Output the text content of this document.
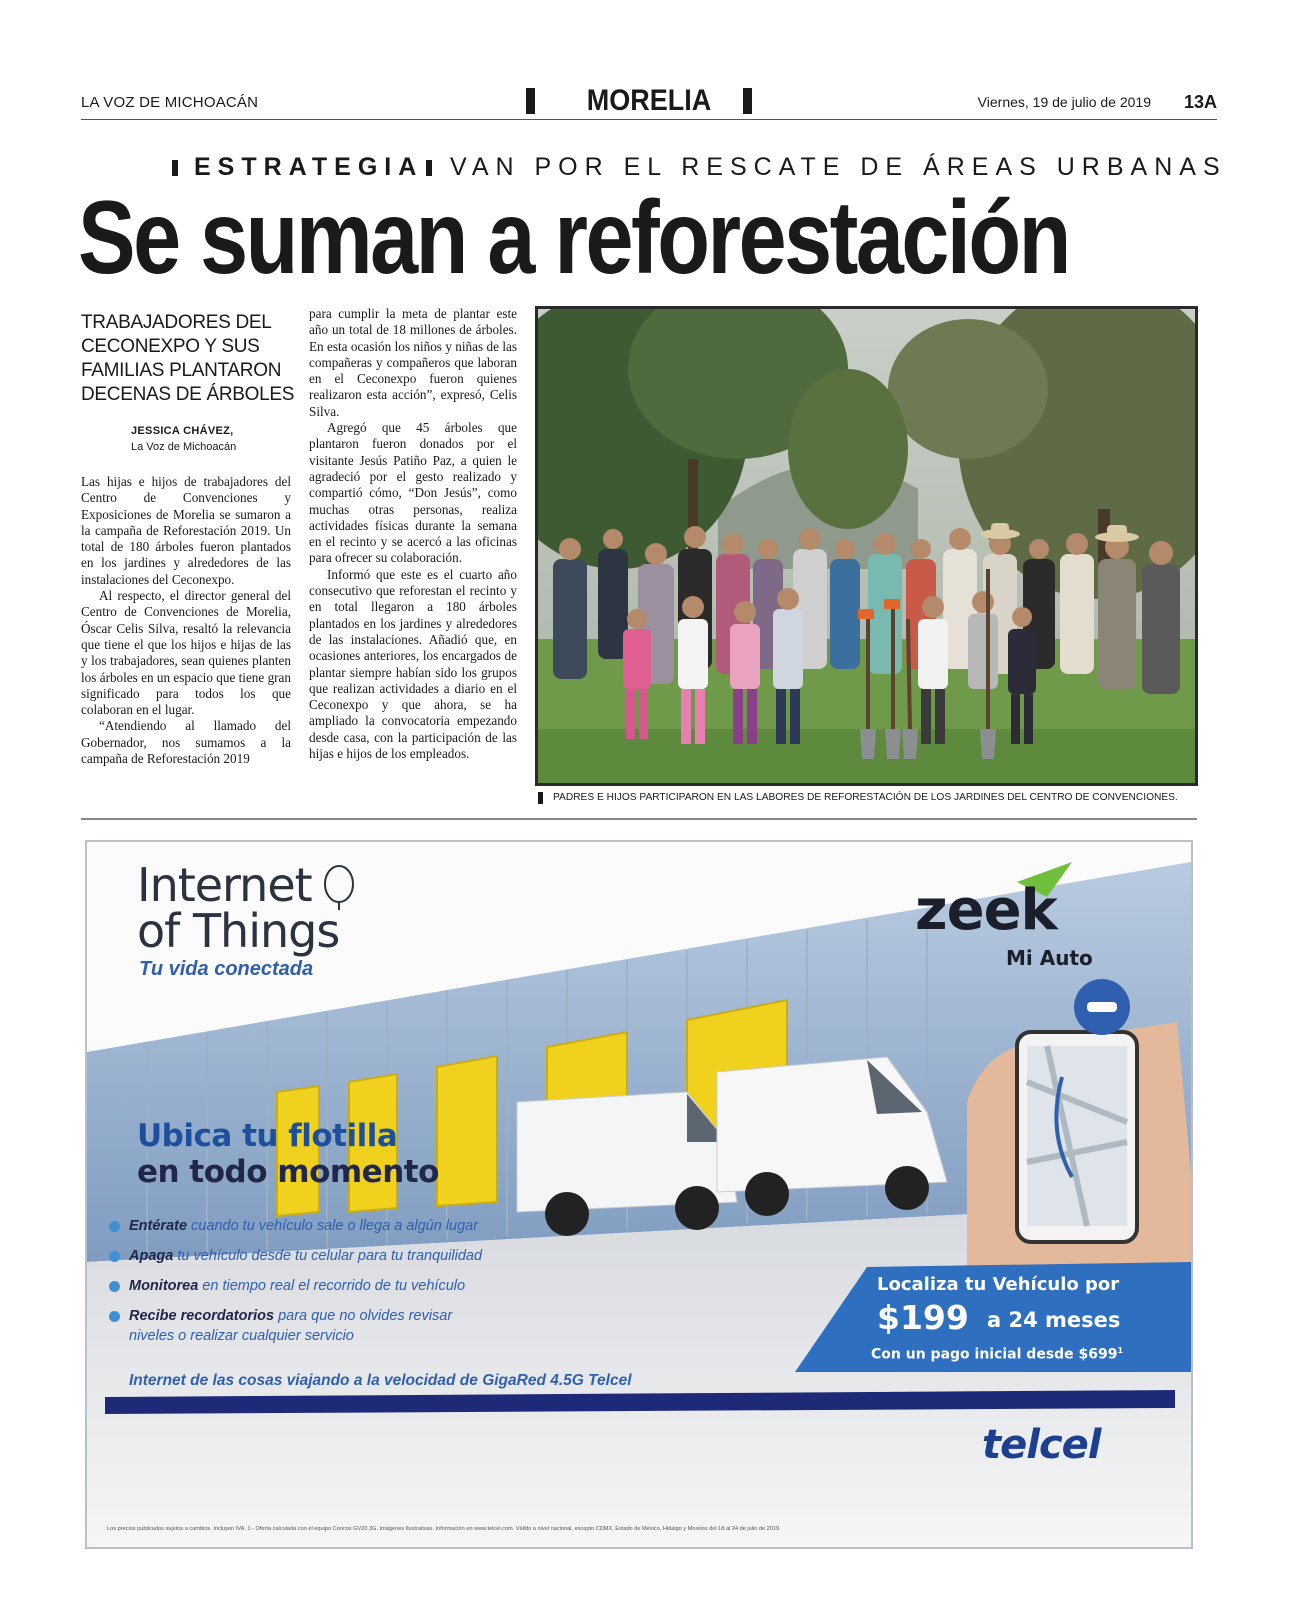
LA VOZ DE MICHOACÁN	MORELIA	Viernes, 19 de julio de 2019 13A
ESTRATEGIA VAN POR EL RESCATE DE ÁREAS URBANAS
Se suman a reforestación
TRABAJADORES DEL
CECONEXPO Y SUS
FAMILIAS PLANTARON
DECENAS DE ÁRBOLES
JESSICA CHÁVEZ,
La Voz de Michoacán

Las hijas e hijos de trabajadores del Centro de Convenciones y Exposiciones de Morelia se sumaron a la campaña de Reforestación 2019. Un total de 180 árboles fueron plantados en los jardines y alrededores de las instalaciones del Ceconexpo.

Al respecto, el director general del Centro de Convenciones de Morelia, Óscar Celis Silva, resaltó la relevancia que tiene el que los hijos e hijas de las y los trabajadores, sean quienes planten los árboles en un espacio que tiene gran significado para todos los que colaboran en el lugar.

“Atendiendo al llamado del Gobernador, nos sumamos a la campaña de Reforestación 2019

para cumplir la meta de plantar este año un total de 18 millones de árboles. En esta ocasión los niños y niñas de las compañeras y compañeros que laboran en el Ceconexpo fueron quienes realizaron esta acción”, expresó, Celis Silva.

Agregó que 45 árboles que plantaron fueron donados por el visitante Jesús Patiño Paz, a quien le agradeció por el gesto realizado y compartió cómo, “Don Jesús”, como muchas otras personas, realiza actividades físicas durante la semana en el recinto y se acercó a las oficinas para ofrecer su colaboración.

Informó que este es el cuarto año consecutivo que reforestan el recinto y en total llegaron a 180 árboles plantados en los jardines y alrededores de las instalaciones. Añadió que, en ocasiones anteriores, los encargados de plantar siempre habían sido los grupos que realizan actividades a diario en el Ceconexpo y que ahora, se ha ampliado la convocatoria empezando desde casa, con la participación de las hijas e hijos de los empleados.

PADRES E HIJOS PARTICIPARON EN LAS LABORES DE REFORESTACIÓN DE LOS JARDINES DEL CENTRO DE CONVENCIONES.
Internet
of Things
Tu vida conectada
zeek
Mi Auto
Ubica tu flotilla
en todo momento
Entérate cuando tu vehículo sale o llega a algún lugar
Apaga tu vehículo desde tu celular para tu tranquilidad
Monitorea en tiempo real el recorrido de tu vehículo
Recibe recordatorios para que no olvides revisar
niveles o realizar cualquier servicio
Localiza tu Vehículo por
$199 a 24 meses
Con un pago inicial desde $\$699^1$
Internet de las cosas viajando a la velocidad de GigaRed 4.5G Telcel
telcel
Los precios publicados sujetos a cambios. Incluyen IVA. 1.- Oferta calculada con el equipo Concox GV20 3G. Imágenes Ilustrativas. Información en www.telcel.com. Válido a nivel nacional, excepto CDMX, Estado de México, Hidalgo y Morelos del 18 al 24 de julio de 2019.
